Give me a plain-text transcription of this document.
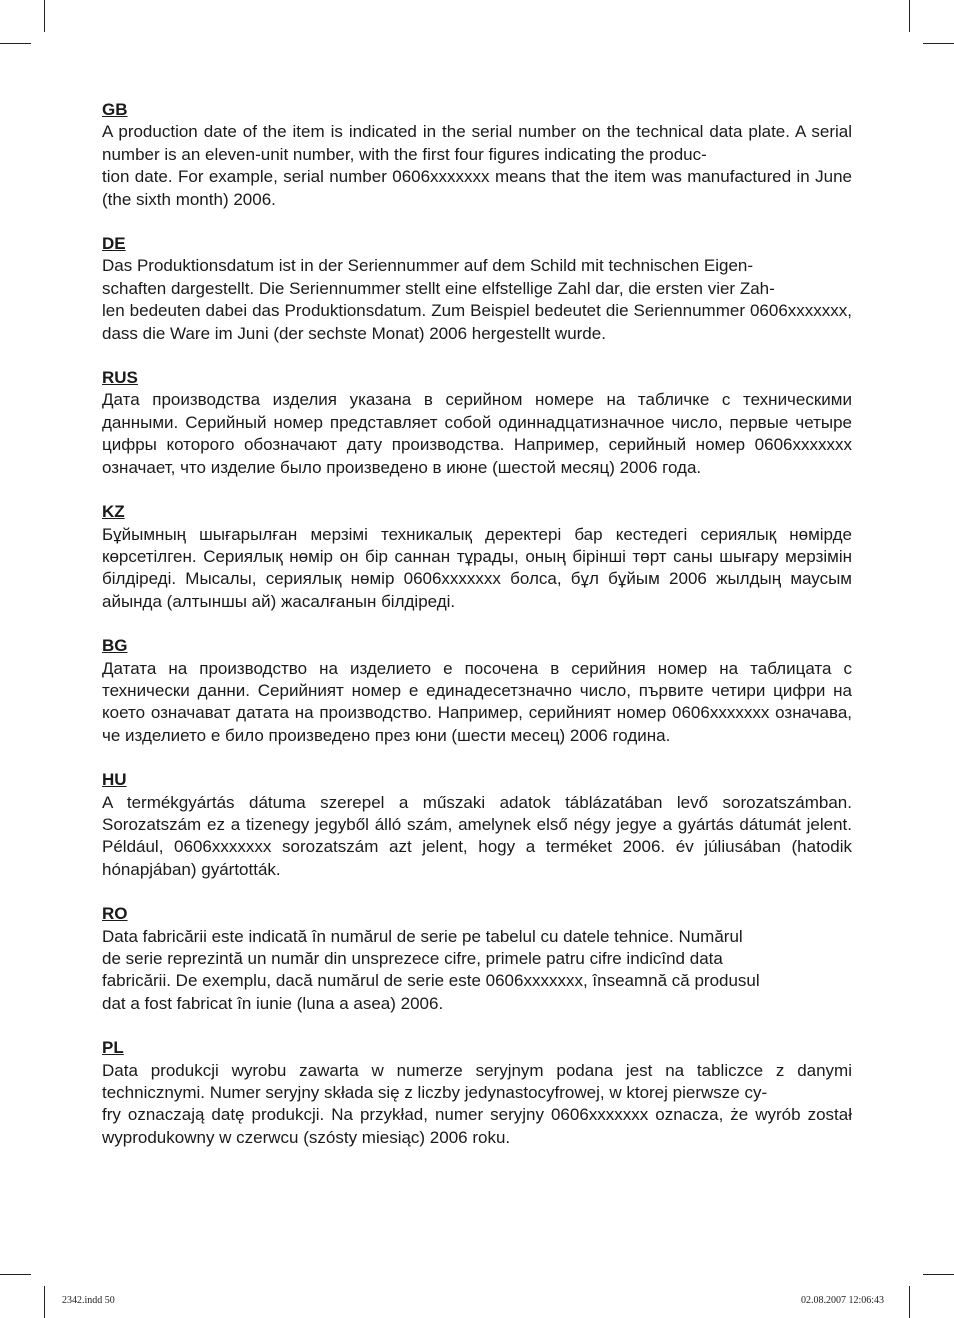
GB

A production date of the item is indicated in the serial number on the technical data plate. A serial number is an eleven-unit number, with the first four figures indicating the produc-
tion date. For example, serial number 0606xxxxxxx means that the item was manufactured in June (the sixth month) 2006.

DE

Das Produktionsdatum ist in der Seriennummer auf dem Schild mit technischen Eigen-
schaften dargestellt. Die Seriennummer stellt eine elfstellige Zahl dar, die ersten vier Zah-
len bedeuten dabei das Produktionsdatum. Zum Beispiel bedeutet die Seriennummer 0606xxxxxxx, dass die Ware im Juni (der sechste Monat) 2006 hergestellt wurde.

RUS

Дата производства изделия указана в серийном номере на табличке с техническими данными. Серийный номер представляет собой одиннадцатизначное число, первые четыре цифры которого обозначают дату производства. Например, серийный номер 0606xxxxxxx означает, что изделие было произведено в июне (шестой месяц) 2006 года.

KZ

Бұйымның шығарылған мерзімі техникалық деректері бар кестедегі сериялық нөмірде көрсетілген. Сериялық нөмір он бір саннан тұрады, оның бірінші төрт саны шығару мерзімін білдіреді. Мысалы, сериялық нөмір 0606xxxxxxx болса, бұл бұйым 2006 жылдың маусым айында (алтыншы ай) жасалғанын білдіреді.

BG

Датата на производство на изделието е посочена в серийния номер на таблицата с технически данни. Серийният номер е единадесетзначно число, първите четири цифри на което означават датата на производство. Например, серийният номер 0606xxxxxxx означава, че изделието е било произведено през юни (шести месец) 2006 година.

HU

A termékgyártás dátuma szerepel a műszaki adatok táblázatában levő sorozatszámban. Sorozatszám ez a tizenegy jegyből álló szám, amelynek első négy jegye a gyártás dátumát jelent. Például, 0606xxxxxxx sorozatszám azt jelent, hogy a terméket 2006. év júliusában (hatodik hónapjában) gyártották.

RO

Data fabricării este indicată în numărul de serie pe tabelul cu datele tehnice. Numărul
de serie reprezintă un număr din unsprezece cifre, primele patru cifre indicînd data
fabricării. De exemplu, dacă numărul de serie este 0606xxxxxxx, înseamnă că produsul
dat a fost fabricat în iunie (luna a asea) 2006.

PL

Data produkcji wyrobu zawarta w numerze seryjnym podana jest na tabliczce z danymi technicznymi. Numer seryjny składa się z liczby jedynastocyfrowej, w ktorej pierwsze cy-
fry oznaczają datę produkcji. Na przykład, numer seryjny 0606xxxxxxx oznacza, że wyrób został wyprodukowny w czerwcu (szósty miesiąc) 2006 roku.

2342.indd 50	02.08.2007 12:06:43
